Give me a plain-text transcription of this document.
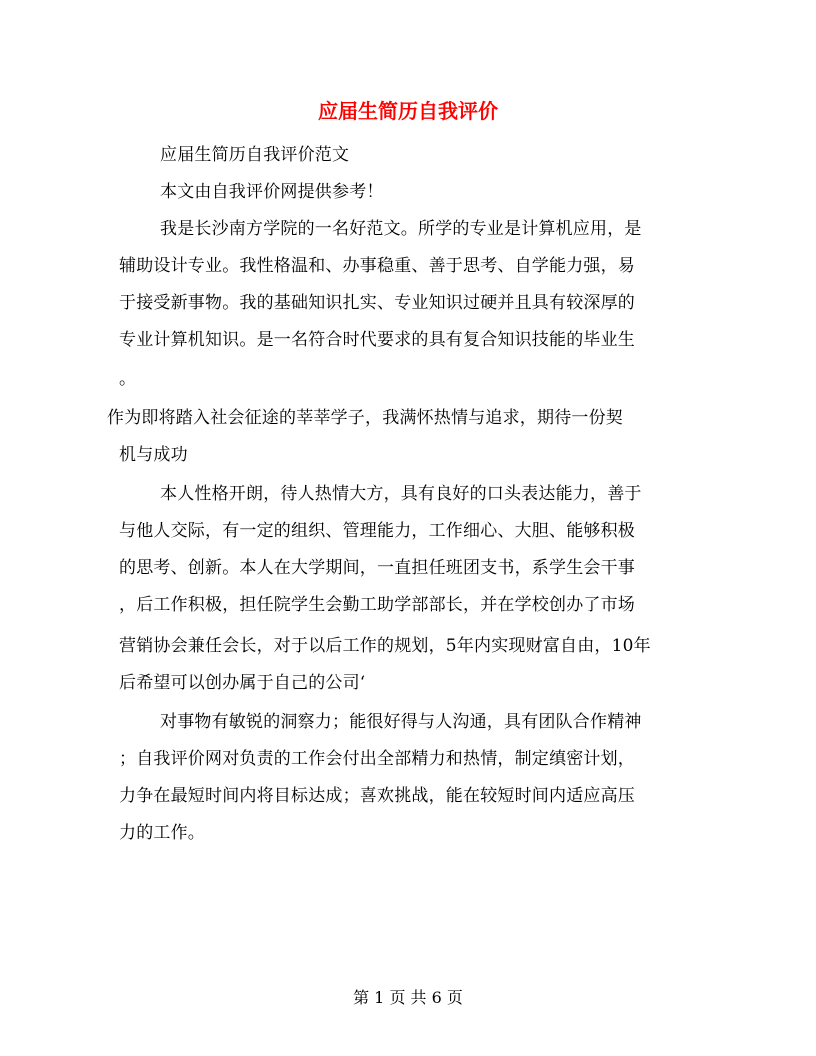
应届生简历自我评价
应届生简历自我评价范文
本文由自我评价网提供参考！
我是长沙南方学院的一名好范文。所学的专业是计算机应用，是
辅助设计专业。我性格温和、办事稳重、善于思考、自学能力强，易
于接受新事物。我的基础知识扎实、专业知识过硬并且具有较深厚的
专业计算机知识。是一名符合时代要求的具有复合知识技能的毕业生
。
作为即将踏入社会征途的莘莘学子，我满怀热情与追求，期待一份契
机与成功
本人性格开朗，待人热情大方，具有良好的口头表达能力，善于
与他人交际，有一定的组织、管理能力，工作细心、大胆、能够积极
的思考、创新。本人在大学期间，一直担任班团支书，系学生会干事
，后工作积极，担任院学生会勤工助学部部长，并在学校创办了市场
营销协会兼任会长，对于以后工作的规划，5年内实现财富自由，10年
后希望可以创办属于自己的公司‘
对事物有敏锐的洞察力；能很好得与人沟通，具有团队合作精神
；自我评价网对负责的工作会付出全部精力和热情，制定缜密计划，
力争在最短时间内将目标达成；喜欢挑战，能在较短时间内适应高压
力的工作。
第 1 页 共 6 页
